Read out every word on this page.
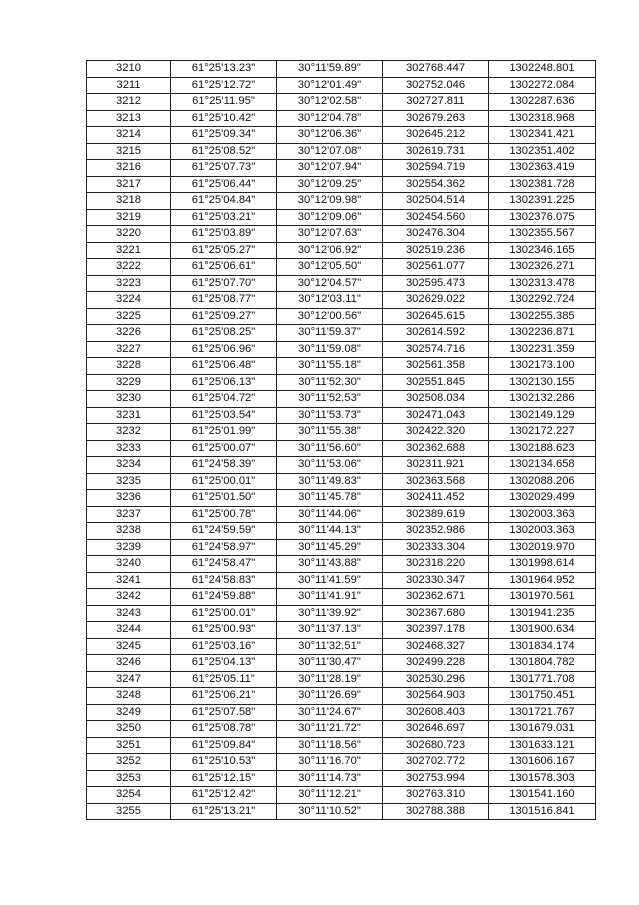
3210	61°25'13.23"	30°11'59.89"	302768.447	1302248.801
3211	61°25'12.72"	30°12'01.49"	302752.046	1302272.084
3212	61°25'11.95"	30°12'02.58"	302727.811	1302287.636
3213	61°25'10.42"	30°12'04.78"	302679.263	1302318.968
3214	61°25'09.34"	30°12'06.36"	302645.212	1302341.421
3215	61°25'08.52"	30°12'07.08"	302619.731	1302351.402
3216	61°25'07.73"	30°12'07.94"	302594.719	1302363.419
3217	61°25'06.44"	30°12'09.25"	302554.362	1302381.728
3218	61°25'04.84"	30°12'09.98"	302504.514	1302391.225
3219	61°25'03.21"	30°12'09.06"	302454.560	1302376.075
3220	61°25'03.89"	30°12'07.63"	302476.304	1302355.567
3221	61°25'05.27"	30°12'06.92"	302519.236	1302346.165
3222	61°25'06.61"	30°12'05.50"	302561.077	1302326.271
3223	61°25'07.70"	30°12'04.57"	302595.473	1302313.478
3224	61°25'08.77"	30°12'03.11"	302629.022	1302292.724
3225	61°25'09.27"	30°12'00.56"	302645.615	1302255.385
3226	61°25'08.25"	30°11'59.37"	302614.592	1302236.871
3227	61°25'06.96"	30°11'59.08"	302574.716	1302231.359
3228	61°25'06.48"	30°11'55.18"	302561.358	1302173.100
3229	61°25'06.13"	30°11'52.30"	302551.845	1302130.155
3230	61°25'04.72"	30°11'52.53"	302508.034	1302132.286
3231	61°25'03.54"	30°11'53.73"	302471.043	1302149.129
3232	61°25'01.99"	30°11'55.38"	302422.320	1302172.227
3233	61°25'00.07"	30°11'56.60"	302362.688	1302188.623
3234	61°24'58.39"	30°11'53.06"	302311.921	1302134.658
3235	61°25'00.01"	30°11'49.83"	302363.568	1302088.206
3236	61°25'01.50"	30°11'45.78"	302411.452	1302029.499
3237	61°25'00.78"	30°11'44.06"	302389.619	1302003.363
3238	61°24'59.59"	30°11'44.13"	302352.986	1302003.363
3239	61°24'58.97"	30°11'45.29"	302333.304	1302019.970
3240	61°24'58.47"	30°11'43.88"	302318.220	1301998.614
3241	61°24'58.83"	30°11'41.59"	302330.347	1301964.952
3242	61°24'59.88"	30°11'41.91"	302362.671	1301970.561
3243	61°25'00.01"	30°11'39.92"	302367.680	1301941.235
3244	61°25'00.93"	30°11'37.13"	302397.178	1301900.634
3245	61°25'03.16"	30°11'32.51"	302468.327	1301834.174
3246	61°25'04.13"	30°11'30.47"	302499.228	1301804.782
3247	61°25'05.11"	30°11'28.19"	302530.296	1301771.708
3248	61°25'06.21"	30°11'26.69"	302564.903	1301750.451
3249	61°25'07.58"	30°11'24.67"	302608.403	1301721.767
3250	61°25'08.78"	30°11'21.72"	302646.697	1301679.031
3251	61°25'09.84"	30°11'18.56"	302680.723	1301633.121
3252	61°25'10.53"	30°11'16.70"	302702.772	1301606.167
3253	61°25'12.15"	30°11'14.73"	302753.994	1301578.303
3254	61°25'12.42"	30°11'12.21"	302763.310	1301541.160
3255	61°25'13.21"	30°11'10.52"	302788.388	1301516.841
